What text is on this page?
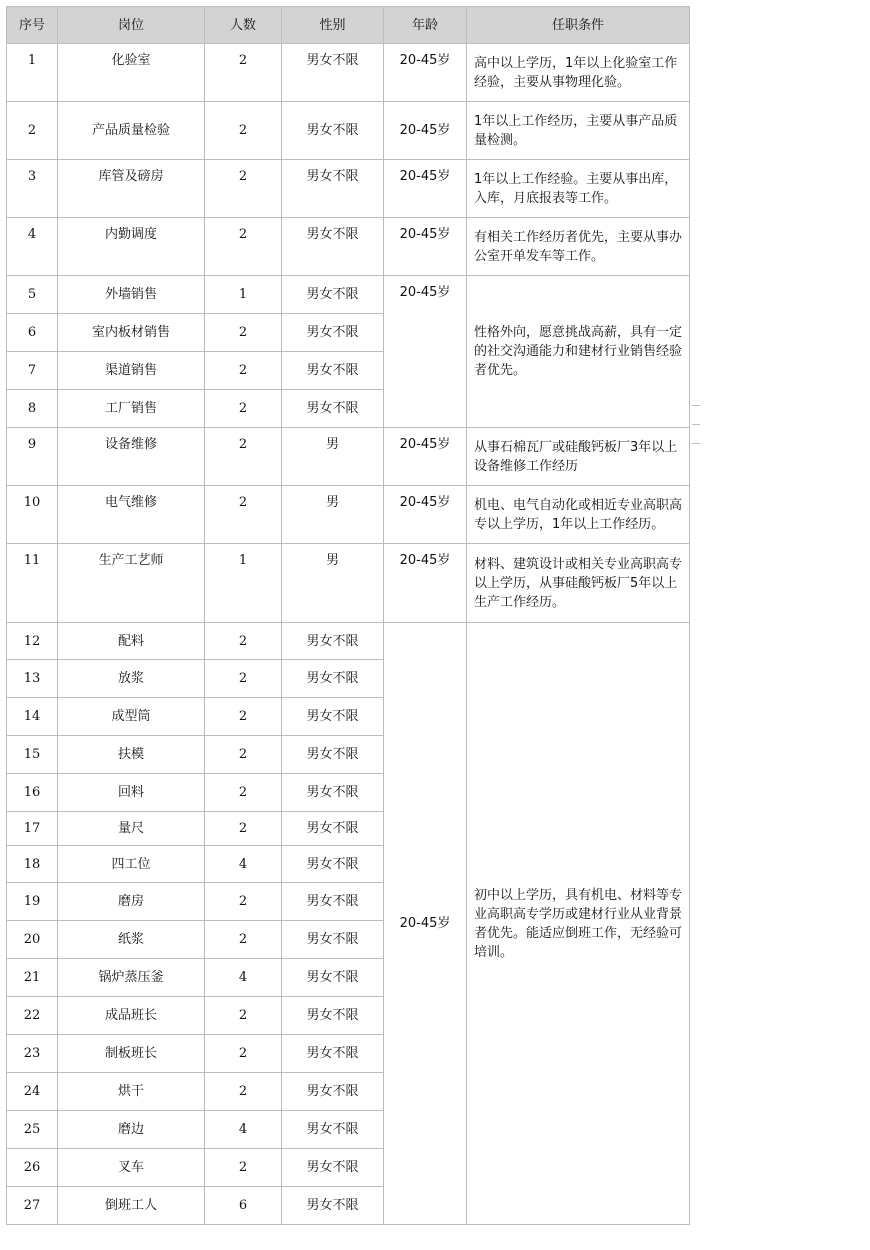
序号	岗位	人数	性别	年龄	任职条件
1	化验室	2	男女不限	20-45岁	高中以上学历，1年以上化验室工作经验，主要从事物理化验。
2	产品质量检验	2	男女不限	20-45岁	1年以上工作经历，主要从事产品质量检测。
3	库管及磅房	2	男女不限	20-45岁	1年以上工作经验。主要从事出库，入库，月底报表等工作。
4	内勤调度	2	男女不限	20-45岁	有相关工作经历者优先，主要从事办公室开单发车等工作。
5	外墙销售	1	男女不限	20-45岁	性格外向，愿意挑战高薪，具有一定的社交沟通能力和建材行业销售经验者优先。
6	室内板材销售	2	男女不限		
7	渠道销售	2	男女不限		
8	工厂销售	2	男女不限		
9	设备维修	2	男	20-45岁	从事石棉瓦厂或硅酸钙板厂3年以上设备维修工作经历
10	电气维修	2	男	20-45岁	机电、电气自动化或相近专业高职高专以上学历，1年以上工作经历。
11	生产工艺师	1	男	20-45岁	材料、建筑设计或相关专业高职高专以上学历，从事硅酸钙板厂5年以上生产工作经历。
12	配料	2	男女不限	20-45岁	初中以上学历，具有机电、材料等专业高职高专学历或建材行业从业背景者优先。能适应倒班工作，无经验可培训。
13	放浆	2	男女不限		
14	成型筒	2	男女不限		
15	扶模	2	男女不限		
16	回料	2	男女不限		
17	量尺	2	男女不限		
18	四工位	4	男女不限		
19	磨房	2	男女不限		
20	纸浆	2	男女不限		
21	锅炉蒸压釜	4	男女不限		
22	成品班长	2	男女不限		
23	制板班长	2	男女不限		
24	烘干	2	男女不限		
25	磨边	4	男女不限		
26	叉车	2	男女不限		
27	倒班工人	6	男女不限		
